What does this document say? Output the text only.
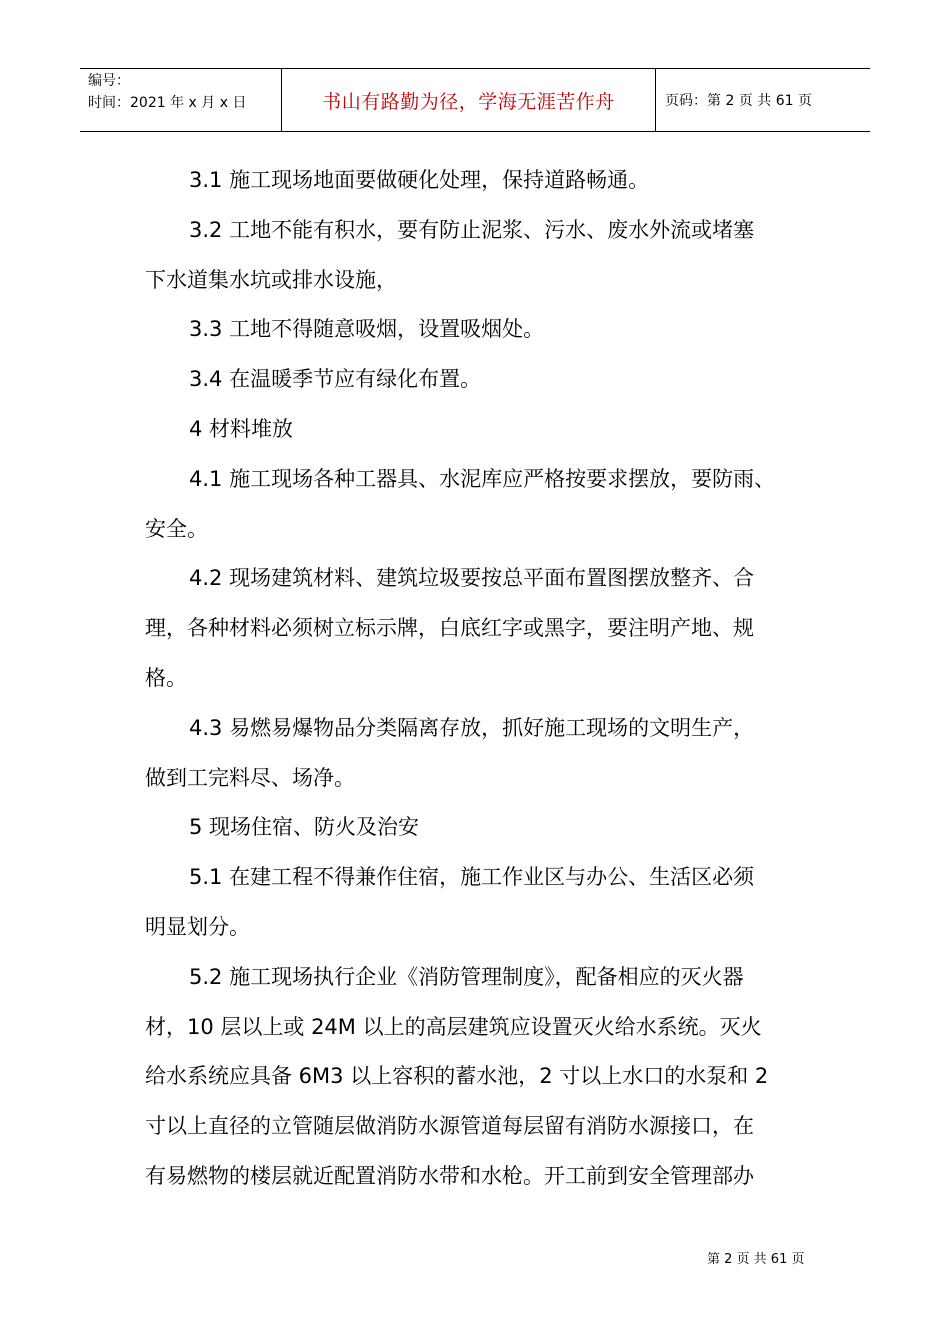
编号：
时间：2021 年 x 月 x 日	书山有路勤为径，学海无涯苦作舟	页码：第 2 页 共 61 页
3.1 施工现场地面要做硬化处理，保持道路畅通。
3.2 工地不能有积水，要有防止泥浆、污水、废水外流或堵塞
下水道集水坑或排水设施，
3.3 工地不得随意吸烟，设置吸烟处。
3.4 在温暖季节应有绿化布置。
4 材料堆放
4.1 施工现场各种工器具、水泥库应严格按要求摆放，要防雨、
安全。
4.2 现场建筑材料、建筑垃圾要按总平面布置图摆放整齐、合
理，各种材料必须树立标示牌，白底红字或黑字，要注明产地、规
格。
4.3 易燃易爆物品分类隔离存放，抓好施工现场的文明生产，
做到工完料尽、场净。
5 现场住宿、防火及治安
5.1 在建工程不得兼作住宿，施工作业区与办公、生活区必须
明显划分。
5.2 施工现场执行企业《消防管理制度》，配备相应的灭火器
材，10 层以上或 24M 以上的高层建筑应设置灭火给水系统。灭火
给水系统应具备 6M3 以上容积的蓄水池，2 寸以上水口的水泵和 2
寸以上直径的立管随层做消防水源管道每层留有消防水源接口，在
有易燃物的楼层就近配置消防水带和水枪。开工前到安全管理部办
第 2 页 共 61 页
